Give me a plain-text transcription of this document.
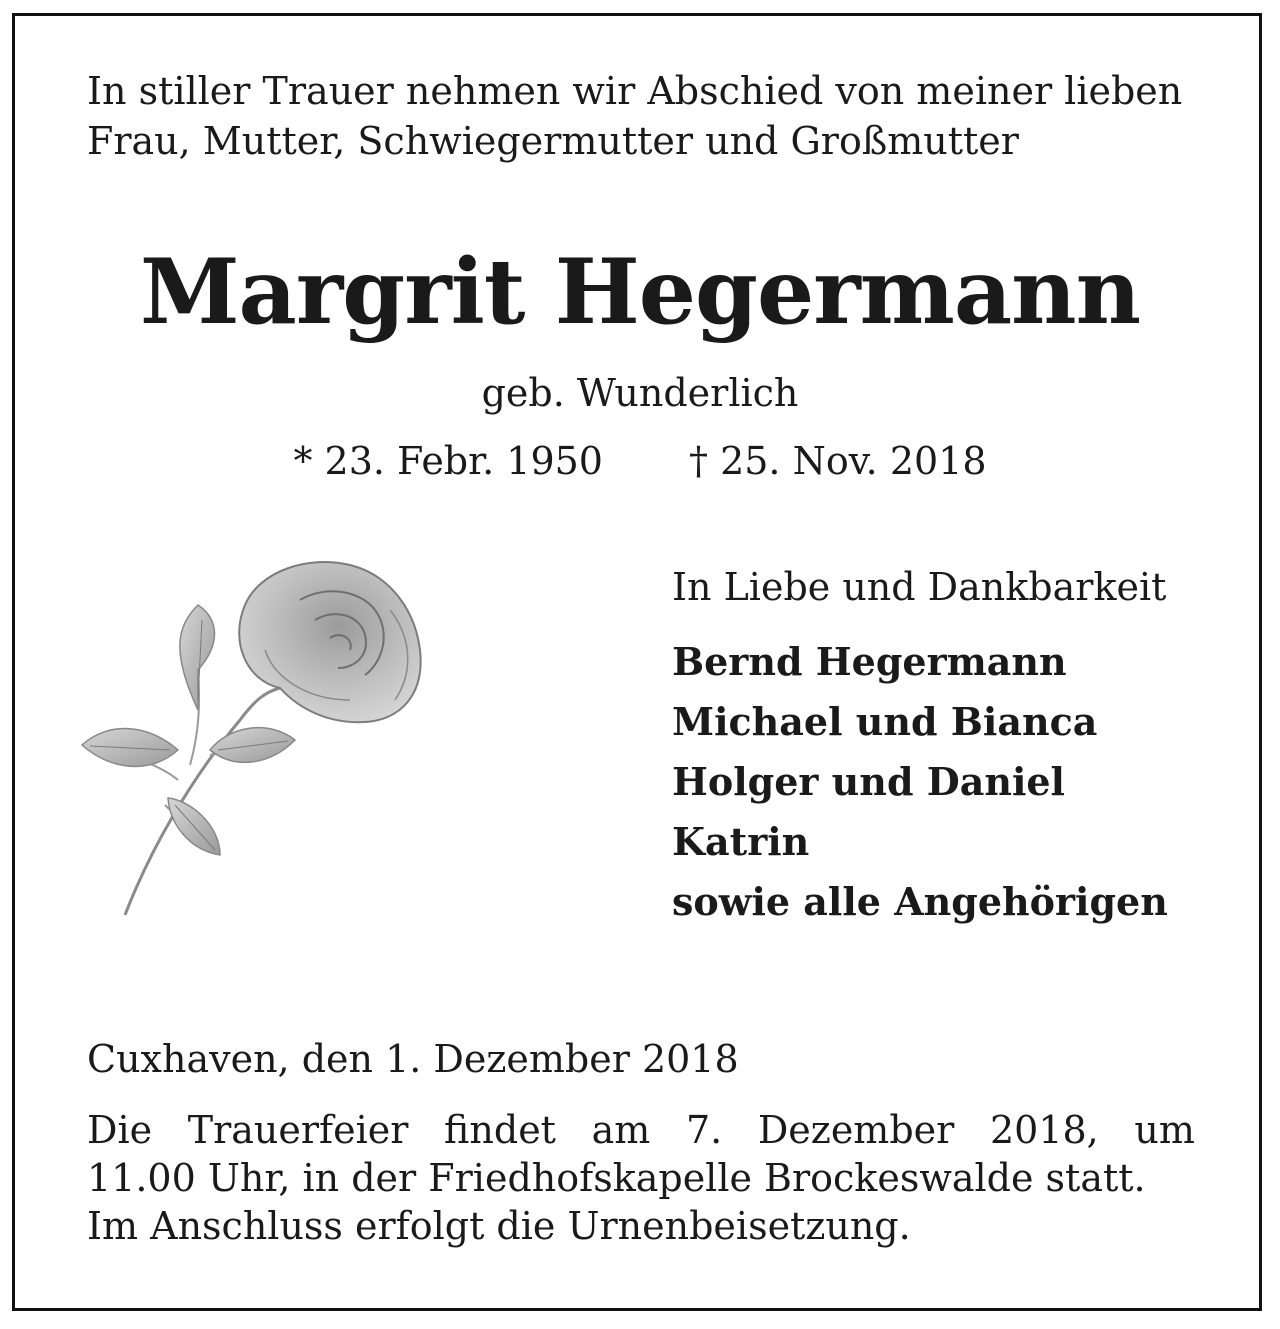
In stiller Trauer nehmen wir Abschied von meiner lieben
Frau, Mutter, Schwiegermutter und Großmutter
Margrit Hegermann
geb. Wunderlich
* 23. Febr. 1950 † 25. Nov. 2018
In Liebe und Dankbarkeit
Bernd Hegermann
Michael und Bianca
Holger und Daniel
Katrin
sowie alle Angehörigen
Cuxhaven, den 1. Dezember 2018
Die Trauerfeier findet am 7. Dezember 2018, um
11.00 Uhr, in der Friedhofskapelle Brockeswalde statt.
Im Anschluss erfolgt die Urnenbeisetzung.
